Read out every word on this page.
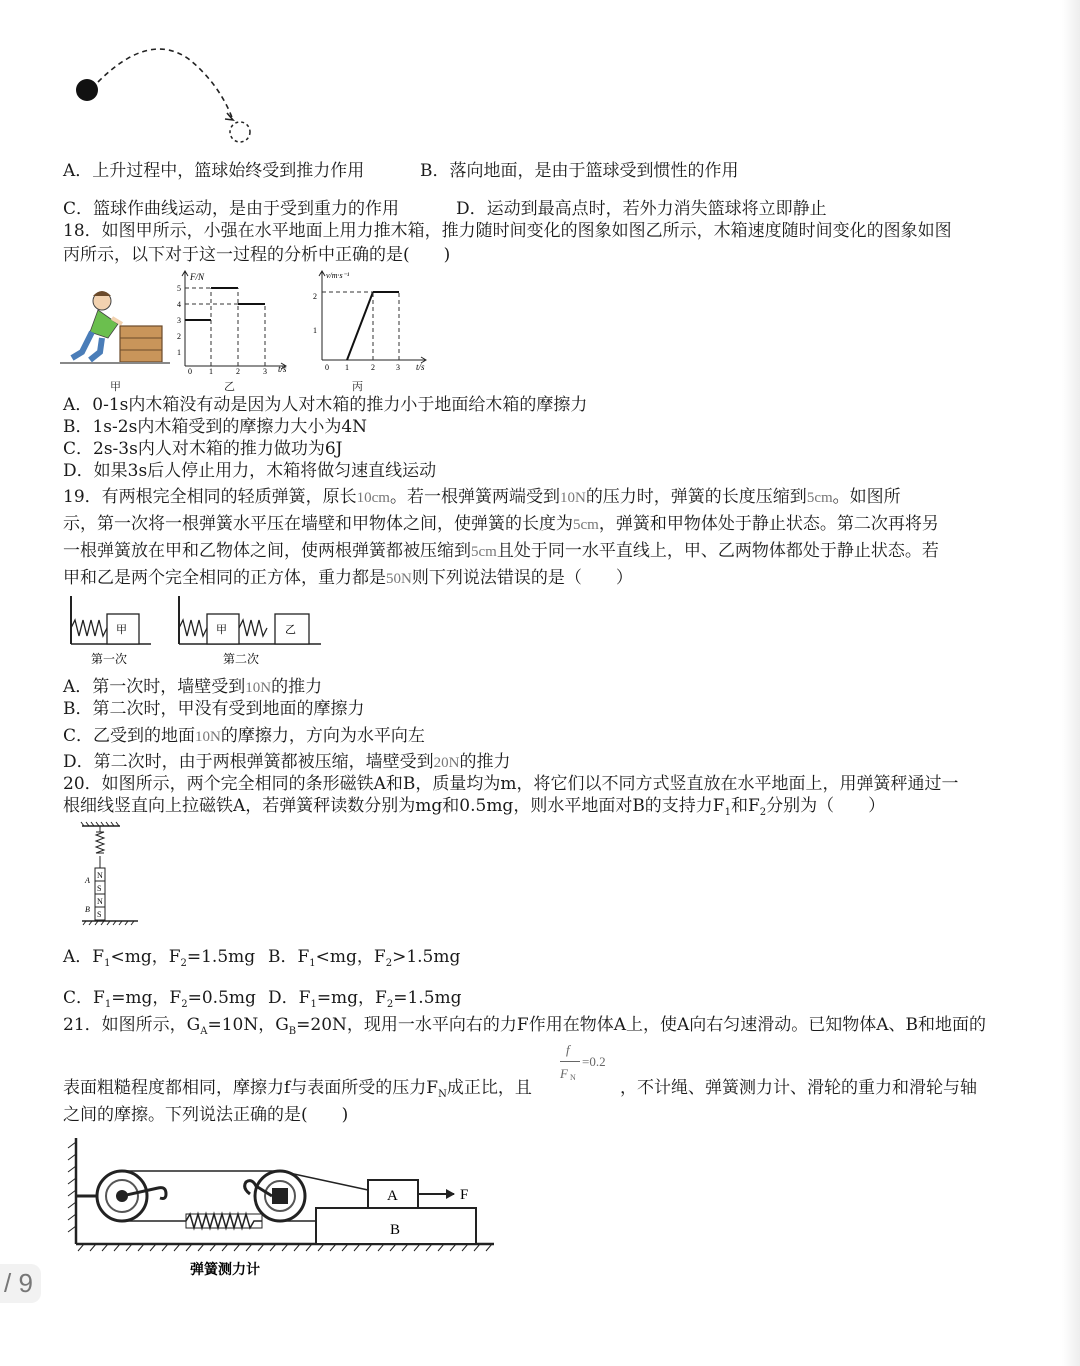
A．上升过程中，篮球始终受到推力作用	B．落向地面，是由于篮球受到惯性的作用
C．篮球作曲线运动，是由于受到重力的作用	D．运动到最高点时，若外力消失篮球将立即静止
18．如图甲所示，小强在水平地面上用力推木箱，推力随时间变化的图象如图乙所示，木箱速度随时间变化的图象如图
丙所示，以下对于这一过程的分析中正确的是(　　)
甲
F/N
t/s
1
2
3
4
5
0 1	2	3
乙
v/m·s⁻¹
t/s
1
2
0 1	2	3
丙
A．0-1s内木箱没有动是因为人对木箱的推力小于地面给木箱的摩擦力
B．1s-2s内木箱受到的摩擦力大小为4N
C．2s-3s内人对木箱的推力做功为6J
D．如果3s后人停止用力，木箱将做匀速直线运动
19．有两根完全相同的轻质弹簧，原长10cm。若一根弹簧两端受到10N的压力时，弹簧的长度压缩到5cm。如图所
示，第一次将一根弹簧水平压在墙壁和甲物体之间，使弹簧的长度为5cm，弹簧和甲物体处于静止状态。第二次再将另
一根弹簧放在甲和乙物体之间，使两根弹簧都被压缩到5cm且处于同一水平直线上，甲、乙两物体都处于静止状态。若
甲和乙是两个完全相同的正方体，重力都是50N则下列说法错误的是（　　）
甲
第一次
甲	乙
第二次
A．第一次时，墙壁受到10N的推力
B．第二次时，甲没有受到地面的摩擦力
C．乙受到的地面10N的摩擦力，方向为水平向左
D．第二次时，由于两根弹簧都被压缩，墙壁受到20N的推力
20．如图所示，两个完全相同的条形磁铁A和B，质量均为m，将它们以不同方式竖直放在水平地面上，用弹簧秤通过一
根细线竖直向上拉磁铁A，若弹簧秤读数分别为mg和0.5mg，则水平地面对B的支持力$F_1$和$F_2$分别为（　　）
N
S
N
S
A
B
A．$F_1<mg$，$F_2=1.5mg$ B．$F_1<mg$，$F_2>1.5mg$
C．$F_1=mg$，$F_2=0.5mg$ D．$F_1=mg$，$F_2=1.5mg$
21．如图所示，$G_A=10N$，$G_B=20N$，现用一水平向右的力F作用在物体A上，使A向右匀速滑动。已知物体A、B和地面的
f
=0.2
F N
表面粗糙程度都相同，摩擦力f与表面所受的压力$F_N$成正比，且	，不计绳、弹簧测力计、滑轮的重力和滑轮与轴
之间的摩擦。下列说法正确的是(　　)
B
A	F
弹簧测力计
/ 9
